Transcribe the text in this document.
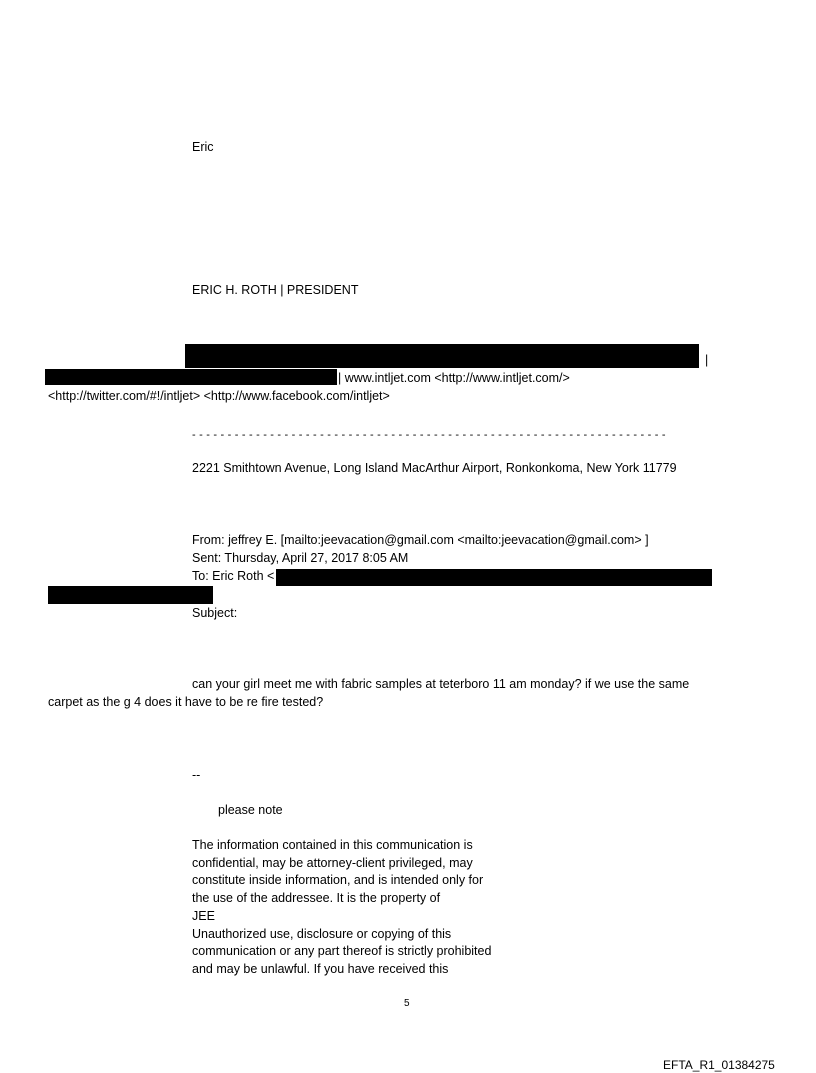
Eric
ERIC H. ROTH | PRESIDENT
|
| www.intljet.com <http://www.intljet.com/>
<http://twitter.com/#!/intljet> <http://www.facebook.com/intljet>
- - - - - - - - - - - - - - - - - - - - - - - - - - - - - - - - - - - - - - - - - - - - - - - - - - - - - - - - - - - - - - - - - - -
2221 Smithtown Avenue, Long Island MacArthur Airport, Ronkonkoma, New York 11779
From: jeffrey E. [mailto:jeevacation@gmail.com <mailto:jeevacation@gmail.com> ]
Sent: Thursday, April 27, 2017 8:05 AM
To: Eric Roth <
Subject:
can your girl meet me with fabric samples at teterboro 11 am monday? if we use the same
carpet as the g 4 does it have to be re fire tested?
--
please note
The information contained in this communication is
confidential, may be attorney-client privileged, may
constitute inside information, and is intended only for
the use of the addressee. It is the property of
JEE
Unauthorized use, disclosure or copying of this
communication or any part thereof is strictly prohibited
and may be unlawful. If you have received this
5
EFTA_R1_01384275
